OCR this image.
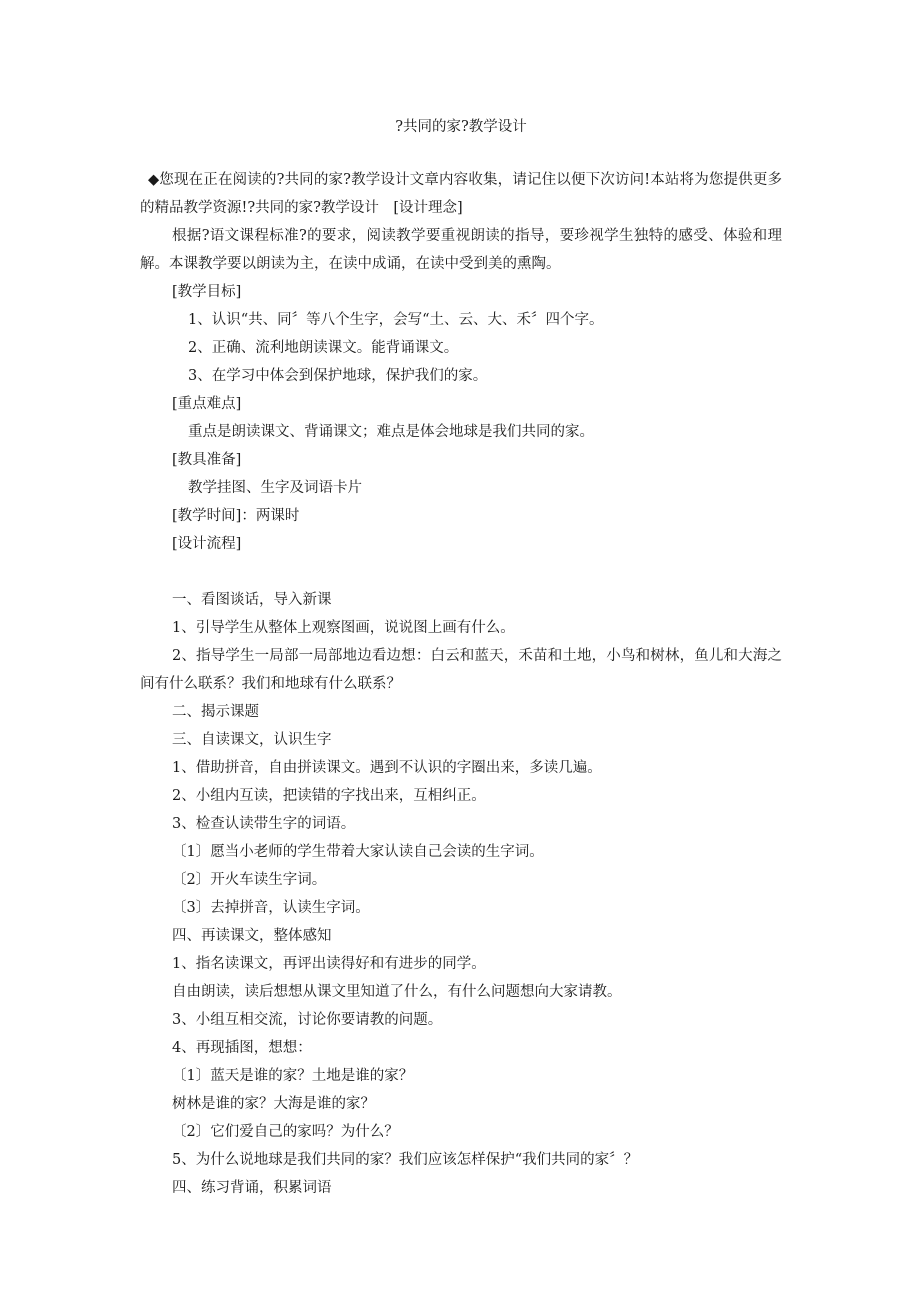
?共同的家?教学设计

◆您现在正在阅读的?共同的家?教学设计文章内容收集，请记住以便下次访问!本站将为您提供更多的精品教学资源!?共同的家?教学设计　[设计理念]

根据?语文课程标准?的要求，阅读教学要重视朗读的指导，要珍视学生独特的感受、体验和理解。本课教学要以朗读为主，在读中成诵，在读中受到美的熏陶。

[教学目标]

1、认识“共、同〞等八个生字，会写“土、云、大、禾〞四个字。

2、正确、流利地朗读课文。能背诵课文。

3、在学习中体会到保护地球，保护我们的家。

[重点难点]

重点是朗读课文、背诵课文；难点是体会地球是我们共同的家。

[教具准备]

教学挂图、生字及词语卡片

[教学时间]：两课时

[设计流程]

一、看图谈话，导入新课

1、引导学生从整体上观察图画，说说图上画有什么。

2、指导学生一局部一局部地边看边想：白云和蓝天，禾苗和土地，小鸟和树林，鱼儿和大海之间有什么联系？我们和地球有什么联系？

二、揭示课题

三、自读课文，认识生字

1、借助拼音，自由拼读课文。遇到不认识的字圈出来，多读几遍。

2、小组内互读，把读错的字找出来，互相纠正。

3、检查认读带生字的词语。

〔1〕愿当小老师的学生带着大家认读自己会读的生字词。

〔2〕开火车读生字词。

〔3〕去掉拼音，认读生字词。

四、再读课文，整体感知

1、指名读课文，再评出读得好和有进步的同学。

自由朗读，读后想想从课文里知道了什么，有什么问题想向大家请教。

3、小组互相交流，讨论你要请教的问题。

4、再现插图，想想：

〔1〕蓝天是谁的家？土地是谁的家？

树林是谁的家？大海是谁的家？

〔2〕它们爱自己的家吗？为什么？

5、为什么说地球是我们共同的家？我们应该怎样保护“我们共同的家〞？

四、练习背诵，积累词语
